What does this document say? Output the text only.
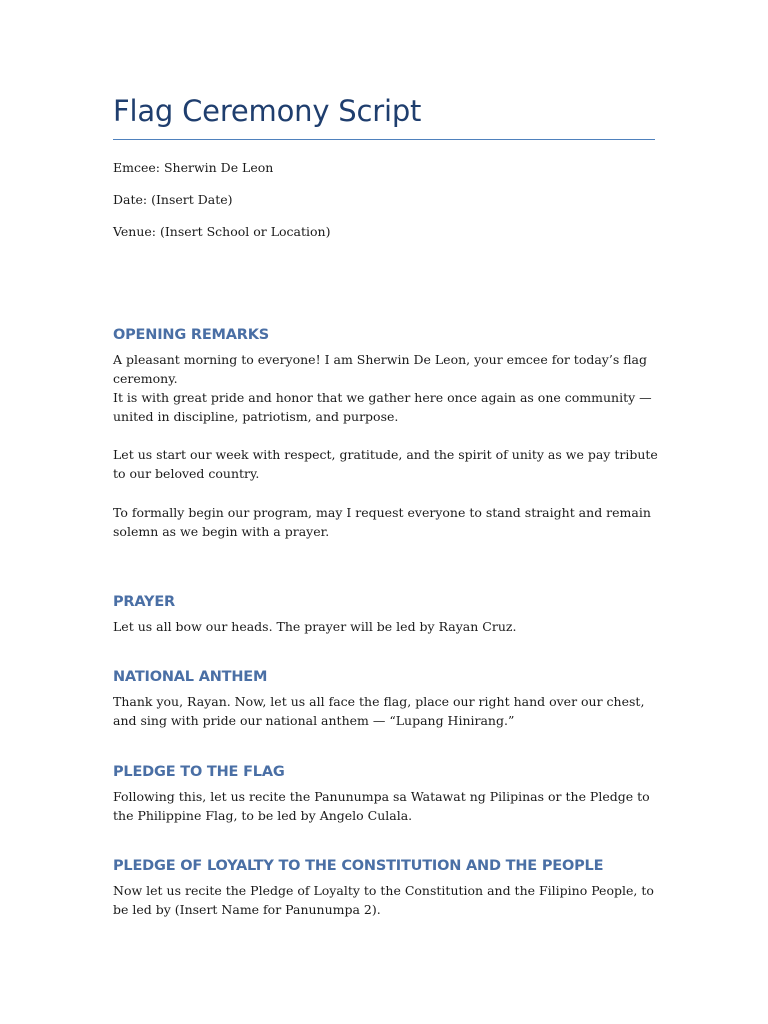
Flag Ceremony Script
Emcee: Sherwin De Leon
Date: (Insert Date)
Venue: (Insert School or Location)
OPENING REMARKS
A pleasant morning to everyone! I am Sherwin De Leon, your emcee for today’s flag ceremony.
It is with great pride and honor that we gather here once again as one community — united in discipline, patriotism, and purpose.
Let us start our week with respect, gratitude, and the spirit of unity as we pay tribute to our beloved country.
To formally begin our program, may I request everyone to stand straight and remain solemn as we begin with a prayer.
PRAYER
Let us all bow our heads. The prayer will be led by Rayan Cruz.
NATIONAL ANTHEM
Thank you, Rayan. Now, let us all face the flag, place our right hand over our chest, and sing with pride our national anthem — “Lupang Hinirang.”
PLEDGE TO THE FLAG
Following this, let us recite the Panunumpa sa Watawat ng Pilipinas or the Pledge to the Philippine Flag, to be led by Angelo Culala.
PLEDGE OF LOYALTY TO THE CONSTITUTION AND THE PEOPLE
Now let us recite the Pledge of Loyalty to the Constitution and the Filipino People, to be led by (Insert Name for Panunumpa 2).
